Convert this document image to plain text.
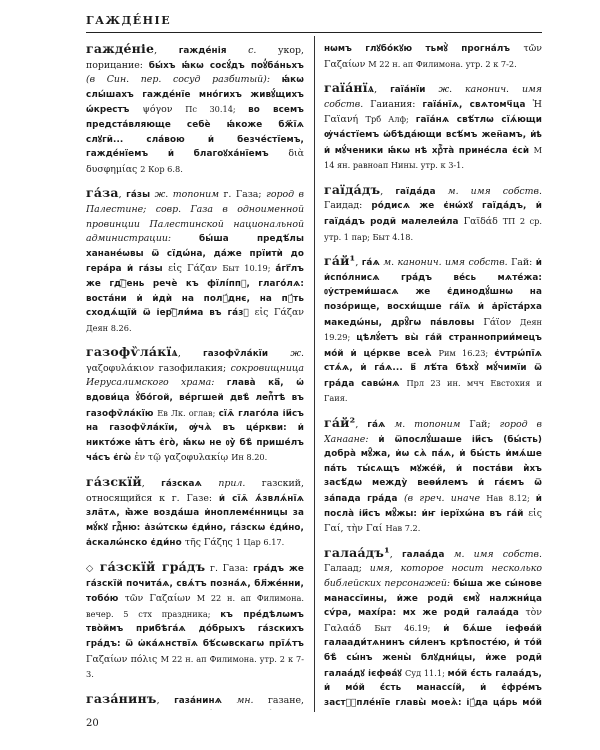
ГАЖДЕ́НІЕ

гажде́ніе, гажде́нія с. укор, порицание: бы́хъ ꙗ҆́кѡ сосꙋ́дъ поꙋ̓ба́ньхъ (в Син. пер. сосуд разбитый): ꙗ҆́кѡ слы́шахъ гажде́нїе мно́гихъ живꙋ́щихъ ѡ҆́крестъ ψόγον Пс 30.14; во всемъ предста́вляюще себѐ ꙗ҆́коже бж҃їѧ слꙋги̑... сла́вою и҆ безче́стїемъ, гажде́нїемъ и҆ благоꙋха́нїемъ διὰ δυσφημίας 2 Кор 6.8.

га́за, га́зы ж. топоним г. Газа; город в Палестине; совр. Газа в одноименной провинции Палестинской национальной администрации: бы́ша предѣ́лы ханане́ѡвы ѿ сїдѡ́на, да́же прїитѝ до гера́ра и҆ га́зы εἰς Γάζαν Быт 10.19; а҆́гг҃лъ же гдⷭ҇ень речѐ къ фїлі́ппꙋ, глаго́лѧ: воста́ни и҆ и҆дѝ на полꙋ́днє, на пꙋ́ть сходѧ́щїй ѿ і҆ерⷭ҇ли́ма въ га́зꙋ εἰς Γάζαν Деян 8.26.

газофѷла́кїѧ, газофѷла́кїи ж. γαζοφυλάκιον газофилакия; сокровищница Иерусалимского храма: глава̀ ка҃, ѡ҆ вдови́ца ꙋ҆бо́гой, ве́ргшей двѣ̀ лепⷮ҇тѣ въ газофѷла́кїю Ев Лк. оглав; сїѧ̑ глаго́ла і҆и҃съ на газофѷла́кїи, ѹ҆чѧ̀ въ це́ркви: и҆ никто́же ꙗ҆́тъ є҆го̀, ꙗ҆́кѡ не ᲂу҆̀ бѣ̀ прише́лъ ча́съ є҆гѡ̀ ἐν τῷ γαζοφυλακίῳ Ин 8.20.

га́зскїй, га́зскаѧ прил. газский, относящийся к г. Газе: и҆ сїѧ̑ ѧ҆́звлѧ́нїѧ зла̑тѧ, ꙗ҆̀же возда́ша и҆ноплемє́нницы за мꙋ́кꙋ гдⷭ҇ню: а҆зѡ́тскѡ є҆ди́но, га́зскѡ є҆ди́но, а҆скалѡ́нско є҆ди́но τῆς Γάζης 1 Цар 6.17.

◇ га́зскїй гра́дъ г. Газа: гра́дъ же га́зскїй почита́ѧ, свѧ́тъ позна́ѧ, бл҃же́нни, тобо́ю τῶν Γαζαίων М 22 н. ап Филимона. вечер. 5 стх праздника; къ пре́дѣлѡмъ тво̀ймъ прибѣга́ѧ до́брыхъ га́зскихъ гра́дъ: ѿ ѡ҆ка́ѧнствїѧ бѣ́сѡвскагѡ прїѧ́тъ Γαζαίων πόλις М 22 н. ап Филимона. утр. 2 к 7-3.

газа́нинъ, газа́нинѧ мн. газане,

нѡмъ глꙋбо́кꙋю тьмꙋ̀ прогна́лъ τῶν Γαζαίων М 22 н. ап Филимона. утр. 2 к 7-2.

гаїа́нїѧ, гаїа́нїи ж. канонич. имя собств. Гаиания: гаїа́нїѧ, свѧтомч҃ца Ἡ Γαϊανή Трб Алф; гаїа́нѧ свѣ́тлѡ сїѧ́ющи ѹ҆ча́стїемъ ѡ҆бѣда́ющи всѣ́мъ жен҄амъ, и҆ҍ и҆ мꙋ́ченики ꙗ҆́кѡ нѣ хрⷭ҇та̀ прине́сла є҆сѝ М 14 ян. равноап Нины. утр. к 3-1.

гаїда́дъ, гаїда́да м. имя собств. Гаидад: ро́дисѧ же є҆нѡ́хꙋ гаїда́дъ, и҆ гаїда́дъ роди̑ малелеи́ла Γαϊδάδ ТП 2 ср. утр. 1 пар; Быт 4.18.

га́й¹, га́ѧ м. канонич. имя собств. Гай: и҆ и҆спо́лнисѧ гра́дъ ве́сь мѧте́жа: ᲂу҆стреми́шасѧ же є҆динодꙋ́шнѡ на позо́рище, восхи́щше га́їѧ и҆ а҆рїста́рха македѡ́ны, дрꙋ̑гѡ па́вловы Γάϊον Деян 19.29; цѣлꙋ́етъ вы̀ га́й странноприи́мецъ мо́й и҆ це́ркве всеѧ̀ Рим 16.23; є҆ѵтрѡ́пїѧ стѧ́ѧ, и҆ га́ѧ... в҃ лѣ́та бѣхꙋ̀ мꙋ́чимїи ѿ гра́да савѡ́нѧ Прл 23 ин. мчч Евстохия и Гаия.

га́й², га́ѧ м. топоним Гай; город в Ханаане: и҆ ѿпослꙋ́шаше і҆и҃съ (бы́сть) добра̀ мꙋ̑жа, и҆ѡ сѧ̀ па́ѧ, и҆ бы́сть и҆мѧ́ше па́ть ты́сѧщъ мꙋже́й, и҆ поста́ви и҆̀хъ засѣ́дѡ между̀ веѳи́лемъ и҆ га́ємъ ѿ за́пада гра́да (в греч. иначе Нав 8.12; и҆ посла̀ і҆и҃съ мꙋ̑жы: и҆ҥ і҆ерїхѡ́на въ га́й εἰς Γαί, τὴν Γαί Нав 7.2.

галаа́дъ¹, галаа́да м. имя собств. Галаад; имя, которое носит несколько библейских персонажей: бы́ша же сы́нове манассі̑ины, и҆же роди̑ ємꙋ̀ налжни́ца сѵ́ра, махі́ра: мх же роди̑ галаа́да τὸν Γαλαάδ Быт 46.19; и҆ бѧ́ше і҆ефѳа́й галаади́тѧнинъ си́ленъ крѣпосте́ю, и҆ то́й бѣ̀ сы́нъ жены̀ блꙋдни́цы, и҆же роди̑ галаа́дꙋ і҆єфѳа́ꙋ Суд 11.1; мо́й є҆́сть галаа́дъ, и҆ мо́й є҆́сть манассі́й, и҆ є҆фре́мъ заст꙯ꙋпле́нїе главы̀ моеѧ̀: і҆ꙋ́да ца́рь мо́й

20
